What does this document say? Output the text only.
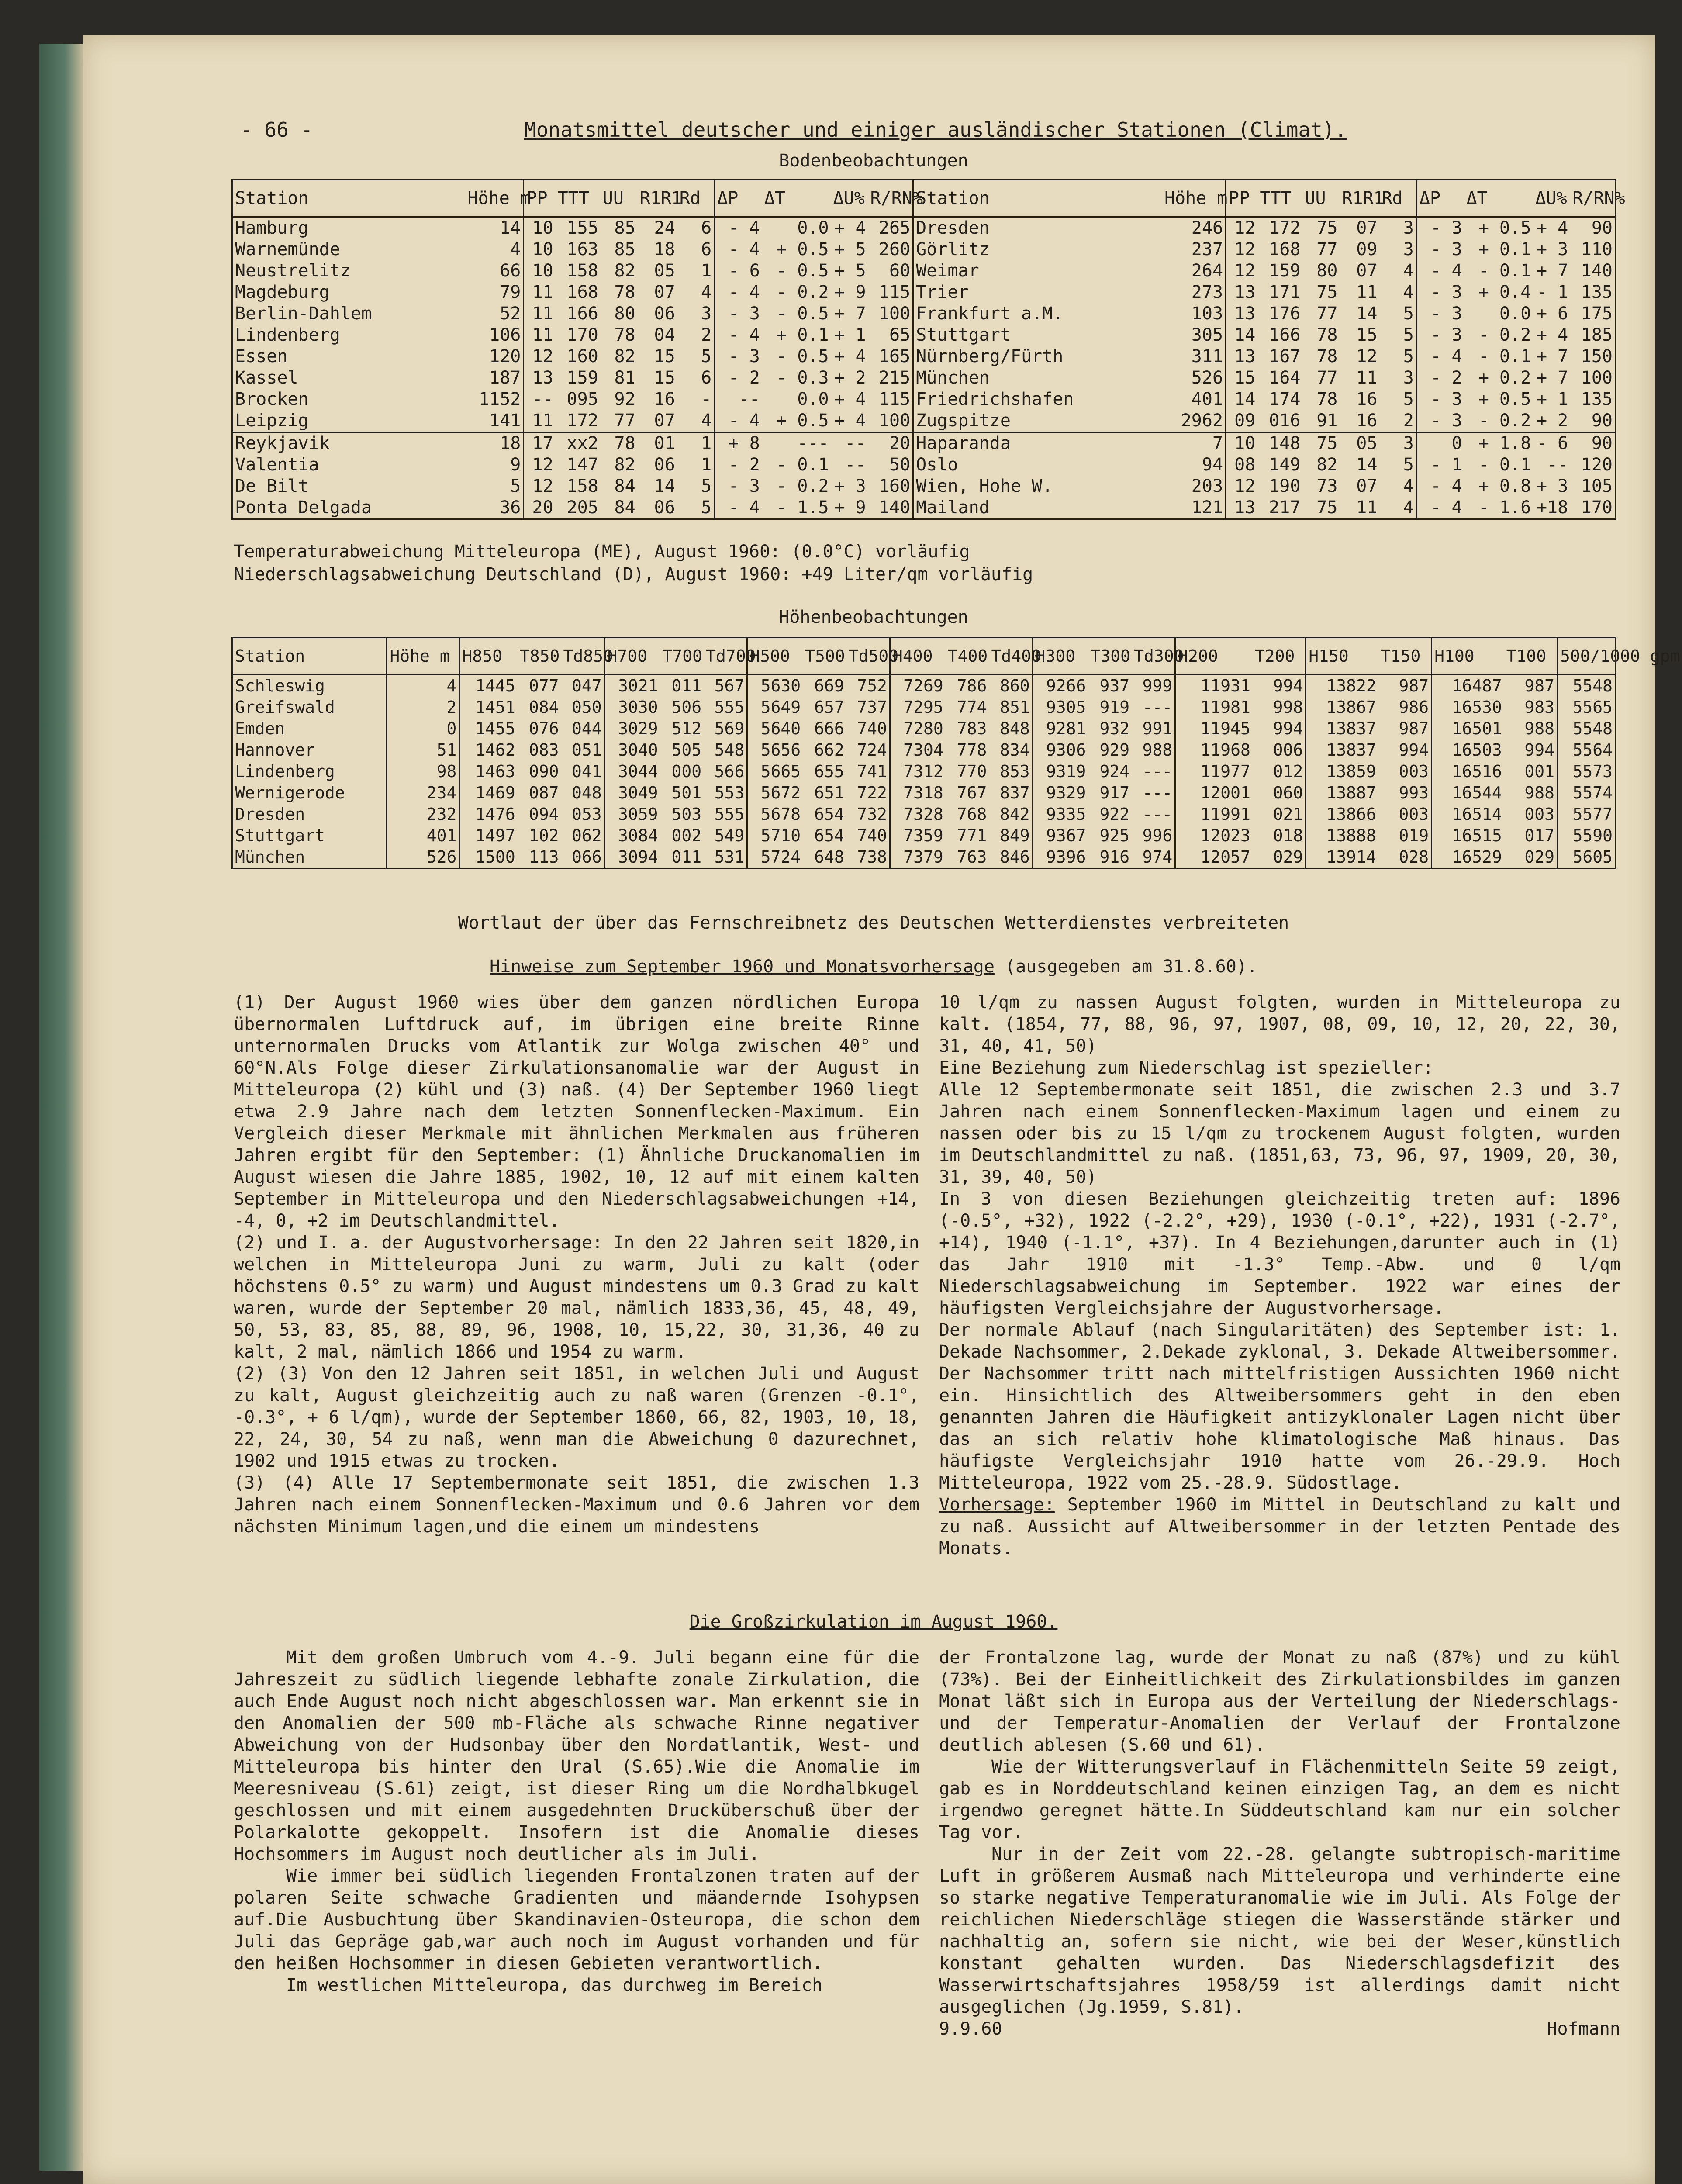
- 66 -	Monatsmittel deutscher und einiger ausländischer Stationen (Climat).
Bodenbeobachtungen
Station	Höhe m	PP	TTT	UU	R1R1	Rd	ΔP	ΔT	ΔU%	R/RN%	Station	Höhe m	PP	TTT	UU	R1R1	Rd	ΔP	ΔT	ΔU%	R/RN%
Hamburg	14	10	155	85	24	6	- 4	0.0	+ 4	265	Dresden	246	12	172	75	07	3	- 3	+ 0.5	+ 4	90
Warnemünde	4	10	163	85	18	6	- 4	+ 0.5	+ 5	260	Görlitz	237	12	168	77	09	3	- 3	+ 0.1	+ 3	110
Neustrelitz	66	10	158	82	05	1	- 6	- 0.5	+ 5	60	Weimar	264	12	159	80	07	4	- 4	- 0.1	+ 7	140
Magdeburg	79	11	168	78	07	4	- 4	- 0.2	+ 9	115	Trier	273	13	171	75	11	4	- 3	+ 0.4	- 1	135
Berlin-Dahlem	52	11	166	80	06	3	- 3	- 0.5	+ 7	100	Frankfurt a.M.	103	13	176	77	14	5	- 3	0.0	+ 6	175
Lindenberg	106	11	170	78	04	2	- 4	+ 0.1	+ 1	65	Stuttgart	305	14	166	78	15	5	- 3	- 0.2	+ 4	185
Essen	120	12	160	82	15	5	- 3	- 0.5	+ 4	165	Nürnberg/Fürth	311	13	167	78	12	5	- 4	- 0.1	+ 7	150
Kassel	187	13	159	81	15	6	- 2	- 0.3	+ 2	215	München	526	15	164	77	11	3	- 2	+ 0.2	+ 7	100
Brocken	1152	--	095	92	16	-	--	0.0	+ 4	115	Friedrichshafen	401	14	174	78	16	5	- 3	+ 0.5	+ 1	135
Leipzig	141	11	172	77	07	4	- 4	+ 0.5	+ 4	100	Zugspitze	2962	09	016	91	16	2	- 3	- 0.2	+ 2	90
Reykjavik	18	17	xx2	78	01	1	+ 8	---	--	20	Haparanda	7	10	148	75	05	3	0	+ 1.8	- 6	90
Valentia	9	12	147	82	06	1	- 2	- 0.1	--	50	Oslo	94	08	149	82	14	5	- 1	- 0.1	--	120
De Bilt	5	12	158	84	14	5	- 3	- 0.2	+ 3	160	Wien, Hohe W.	203	12	190	73	07	4	- 4	+ 0.8	+ 3	105
Ponta Delgada	36	20	205	84	06	5	- 4	- 1.5	+ 9	140	Mailand	121	13	217	75	11	4	- 4	- 1.6	+18	170
Temperaturabweichung Mitteleuropa (ME), August 1960: (0.0°C) vorläufig
Niederschlagsabweichung Deutschland (D), August 1960: +49 Liter/qm vorläufig
Höhenbeobachtungen
Station	Höhe m	H850	T850	Td850	H700	T700	Td700	H500	T500	Td500	H400	T400	Td400	H300	T300	Td300	H200	T200	H150	T150	H100	T100	500/1000 gpm
Schleswig	4	1445	077	047	3021	011	567	5630	669	752	7269	786	860	9266	937	999	11931	994	13822	987	16487	987	5548
Greifswald	2	1451	084	050	3030	506	555	5649	657	737	7295	774	851	9305	919	---	11981	998	13867	986	16530	983	5565
Emden	0	1455	076	044	3029	512	569	5640	666	740	7280	783	848	9281	932	991	11945	994	13837	987	16501	988	5548
Hannover	51	1462	083	051	3040	505	548	5656	662	724	7304	778	834	9306	929	988	11968	006	13837	994	16503	994	5564
Lindenberg	98	1463	090	041	3044	000	566	5665	655	741	7312	770	853	9319	924	---	11977	012	13859	003	16516	001	5573
Wernigerode	234	1469	087	048	3049	501	553	5672	651	722	7318	767	837	9329	917	---	12001	060	13887	993	16544	988	5574
Dresden	232	1476	094	053	3059	503	555	5678	654	732	7328	768	842	9335	922	---	11991	021	13866	003	16514	003	5577
Stuttgart	401	1497	102	062	3084	002	549	5710	654	740	7359	771	849	9367	925	996	12023	018	13888	019	16515	017	5590
München	526	1500	113	066	3094	011	531	5724	648	738	7379	763	846	9396	916	974	12057	029	13914	028	16529	029	5605
Wortlaut der über das Fernschreibnetz des Deutschen Wetterdienstes verbreiteten
Hinweise zum September 1960 und Monatsvorhersage (ausgegeben am 31.8.60).

(1) Der August 1960 wies über dem ganzen nördlichen Europa übernormalen Luftdruck auf, im übrigen eine breite Rinne unternormalen Drucks vom Atlantik zur Wolga zwischen 40° und 60°N.Als Folge dieser Zirkulationsanomalie war der August in Mitteleuropa (2) kühl und (3) naß. (4) Der September 1960 liegt etwa 2.9 Jahre nach dem letzten Sonnenflecken-Maximum. Ein Vergleich dieser Merkmale mit ähnlichen Merkmalen aus früheren Jahren ergibt für den September: (1) Ähnliche Druckanomalien im August wiesen die Jahre 1885, 1902, 10, 12 auf mit einem kalten September in Mitteleuropa und den Niederschlagsabweichungen +14, -4, 0, +2 im Deutschlandmittel.

(2) und I. a. der Augustvorhersage: In den 22 Jahren seit 1820,in welchen in Mitteleuropa Juni zu warm, Juli zu kalt (oder höchstens 0.5° zu warm) und August mindestens um 0.3 Grad zu kalt waren, wurde der September 20 mal, nämlich 1833,36, 45, 48, 49, 50, 53, 83, 85, 88, 89, 96, 1908, 10, 15,22, 30, 31,36, 40 zu kalt, 2 mal, nämlich 1866 und 1954 zu warm.

(2) (3) Von den 12 Jahren seit 1851, in welchen Juli und August zu kalt, August gleichzeitig auch zu naß waren (Grenzen -0.1°, -0.3°, + 6 l/qm), wurde der September 1860, 66, 82, 1903, 10, 18, 22, 24, 30, 54 zu naß, wenn man die Abweichung 0 dazurechnet, 1902 und 1915 etwas zu trocken.

(3) (4) Alle 17 Septembermonate seit 1851, die zwischen 1.3 Jahren nach einem Sonnenflecken-Maximum und 0.6 Jahren vor dem nächsten Minimum lagen,und die einem um mindestens

10 l/qm zu nassen August folgten, wurden in Mitteleuropa zu kalt. (1854, 77, 88, 96, 97, 1907, 08, 09, 10, 12, 20, 22, 30, 31, 40, 41, 50)

Eine Beziehung zum Niederschlag ist spezieller:

Alle 12 Septembermonate seit 1851, die zwischen 2.3 und 3.7 Jahren nach einem Sonnenflecken-Maximum lagen und einem zu nassen oder bis zu 15 l/qm zu trockenem August folgten, wurden im Deutschlandmittel zu naß. (1851,63, 73, 96, 97, 1909, 20, 30, 31, 39, 40, 50)

In 3 von diesen Beziehungen gleichzeitig treten auf: 1896 (-0.5°, +32), 1922 (-2.2°, +29), 1930 (-0.1°, +22), 1931 (-2.7°, +14), 1940 (-1.1°, +37). In 4 Beziehungen,darunter auch in (1) das Jahr 1910 mit -1.3° Temp.-Abw. und 0 l/qm Niederschlagsabweichung im September. 1922 war eines der häufigsten Vergleichsjahre der Augustvorhersage.

Der normale Ablauf (nach Singularitäten) des September ist: 1. Dekade Nachsommer, 2.Dekade zyklonal, 3. Dekade Altweibersommer. Der Nachsommer tritt nach mittelfristigen Aussichten 1960 nicht ein. Hinsichtlich des Altweibersommers geht in den eben genannten Jahren die Häufigkeit antizyklonaler Lagen nicht über das an sich relativ hohe klimatologische Maß hinaus. Das häufigste Vergleichsjahr 1910 hatte vom 26.-29.9. Hoch Mitteleuropa, 1922 vom 25.-28.9. Südostlage.

Vorhersage: September 1960 im Mittel in Deutschland zu kalt und zu naß. Aussicht auf Altweibersommer in der letzten Pentade des Monats.

Die Großzirkulation im August 1960.

Mit dem großen Umbruch vom 4.-9. Juli begann eine für die Jahreszeit zu südlich liegende lebhafte zonale Zirkulation, die auch Ende August noch nicht abgeschlossen war. Man erkennt sie in den Anomalien der 500 mb-Fläche als schwache Rinne negativer Abweichung von der Hudsonbay über den Nordatlantik, West- und Mitteleuropa bis hinter den Ural (S.65).Wie die Anomalie im Meeresniveau (S.61) zeigt, ist dieser Ring um die Nordhalbkugel geschlossen und mit einem ausgedehnten Drucküberschuß über der Polarkalotte gekoppelt. Insofern ist die Anomalie dieses Hochsommers im August noch deutlicher als im Juli.

Wie immer bei südlich liegenden Frontalzonen traten auf der polaren Seite schwache Gradienten und mäandernde Isohypsen auf.Die Ausbuchtung über Skandinavien-Osteuropa, die schon dem Juli das Gepräge gab,war auch noch im August vorhanden und für den heißen Hochsommer in diesen Gebieten verantwortlich.

Im westlichen Mitteleuropa, das durchweg im Bereich

der Frontalzone lag, wurde der Monat zu naß (87%) und zu kühl (73%). Bei der Einheitlichkeit des Zirkulationsbildes im ganzen Monat läßt sich in Europa aus der Verteilung der Niederschlags- und der Temperatur-Anomalien der Verlauf der Frontalzone deutlich ablesen (S.60 und 61).

Wie der Witterungsverlauf in Flächenmitteln Seite 59 zeigt, gab es in Norddeutschland keinen einzigen Tag, an dem es nicht irgendwo geregnet hätte.In Süddeutschland kam nur ein solcher Tag vor.

Nur in der Zeit vom 22.-28. gelangte subtropisch-maritime Luft in größerem Ausmaß nach Mitteleuropa und verhinderte eine so starke negative Temperaturanomalie wie im Juli. Als Folge der reichlichen Niederschläge stiegen die Wasserstände stärker und nachhaltig an, sofern sie nicht, wie bei der Weser,künstlich konstant gehalten wurden. Das Niederschlagsdefizit des Wasserwirtschaftsjahres 1958/59 ist allerdings damit nicht ausgeglichen (Jg.1959, S.81).

9.9.60	Hofmann
